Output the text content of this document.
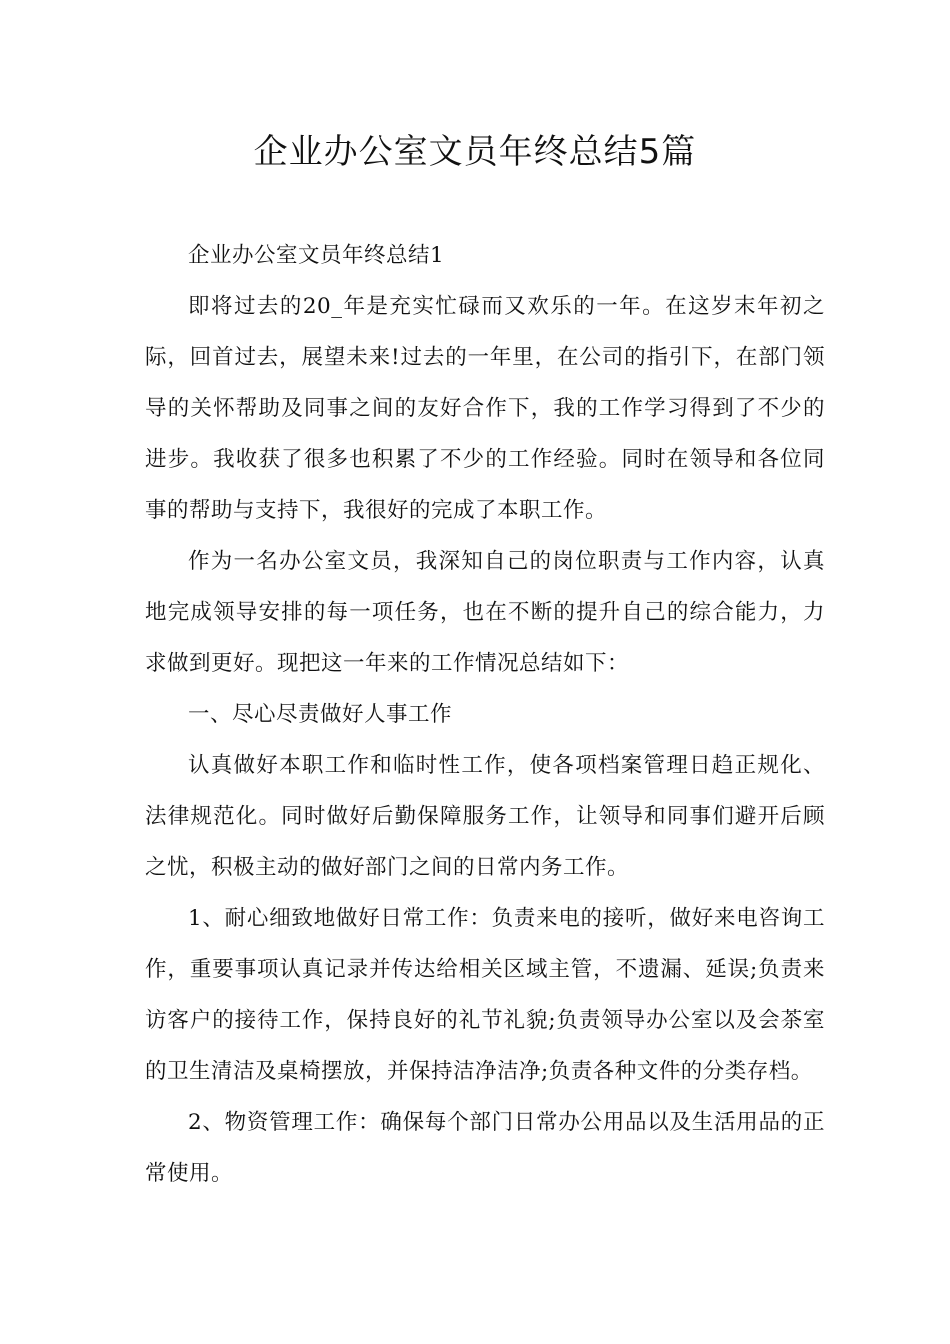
企业办公室文员年终总结5篇

企业办公室文员年终总结1

即将过去的20_年是充实忙碌而又欢乐的一年。在这岁末年初之际，回首过去，展望未来!过去的一年里，在公司的指引下，在部门领导的关怀帮助及同事之间的友好合作下，我的工作学习得到了不少的进步。我收获了很多也积累了不少的工作经验。同时在领导和各位同事的帮助与支持下，我很好的完成了本职工作。

作为一名办公室文员，我深知自己的岗位职责与工作内容，认真地完成领导安排的每一项任务，也在不断的提升自己的综合能力，力求做到更好。现把这一年来的工作情况总结如下：

一、尽心尽责做好人事工作

认真做好本职工作和临时性工作，使各项档案管理日趋正规化、法律规范化。同时做好后勤保障服务工作，让领导和同事们避开后顾之忧，积极主动的做好部门之间的日常内务工作。

1、耐心细致地做好日常工作：负责来电的接听，做好来电咨询工作，重要事项认真记录并传达给相关区域主管，不遗漏、延误;负责来访客户的接待工作，保持良好的礼节礼貌;负责领导办公室以及会茶室的卫生清洁及桌椅摆放，并保持洁净洁净;负责各种文件的分类存档。

2、物资管理工作：确保每个部门日常办公用品以及生活用品的正常使用。
